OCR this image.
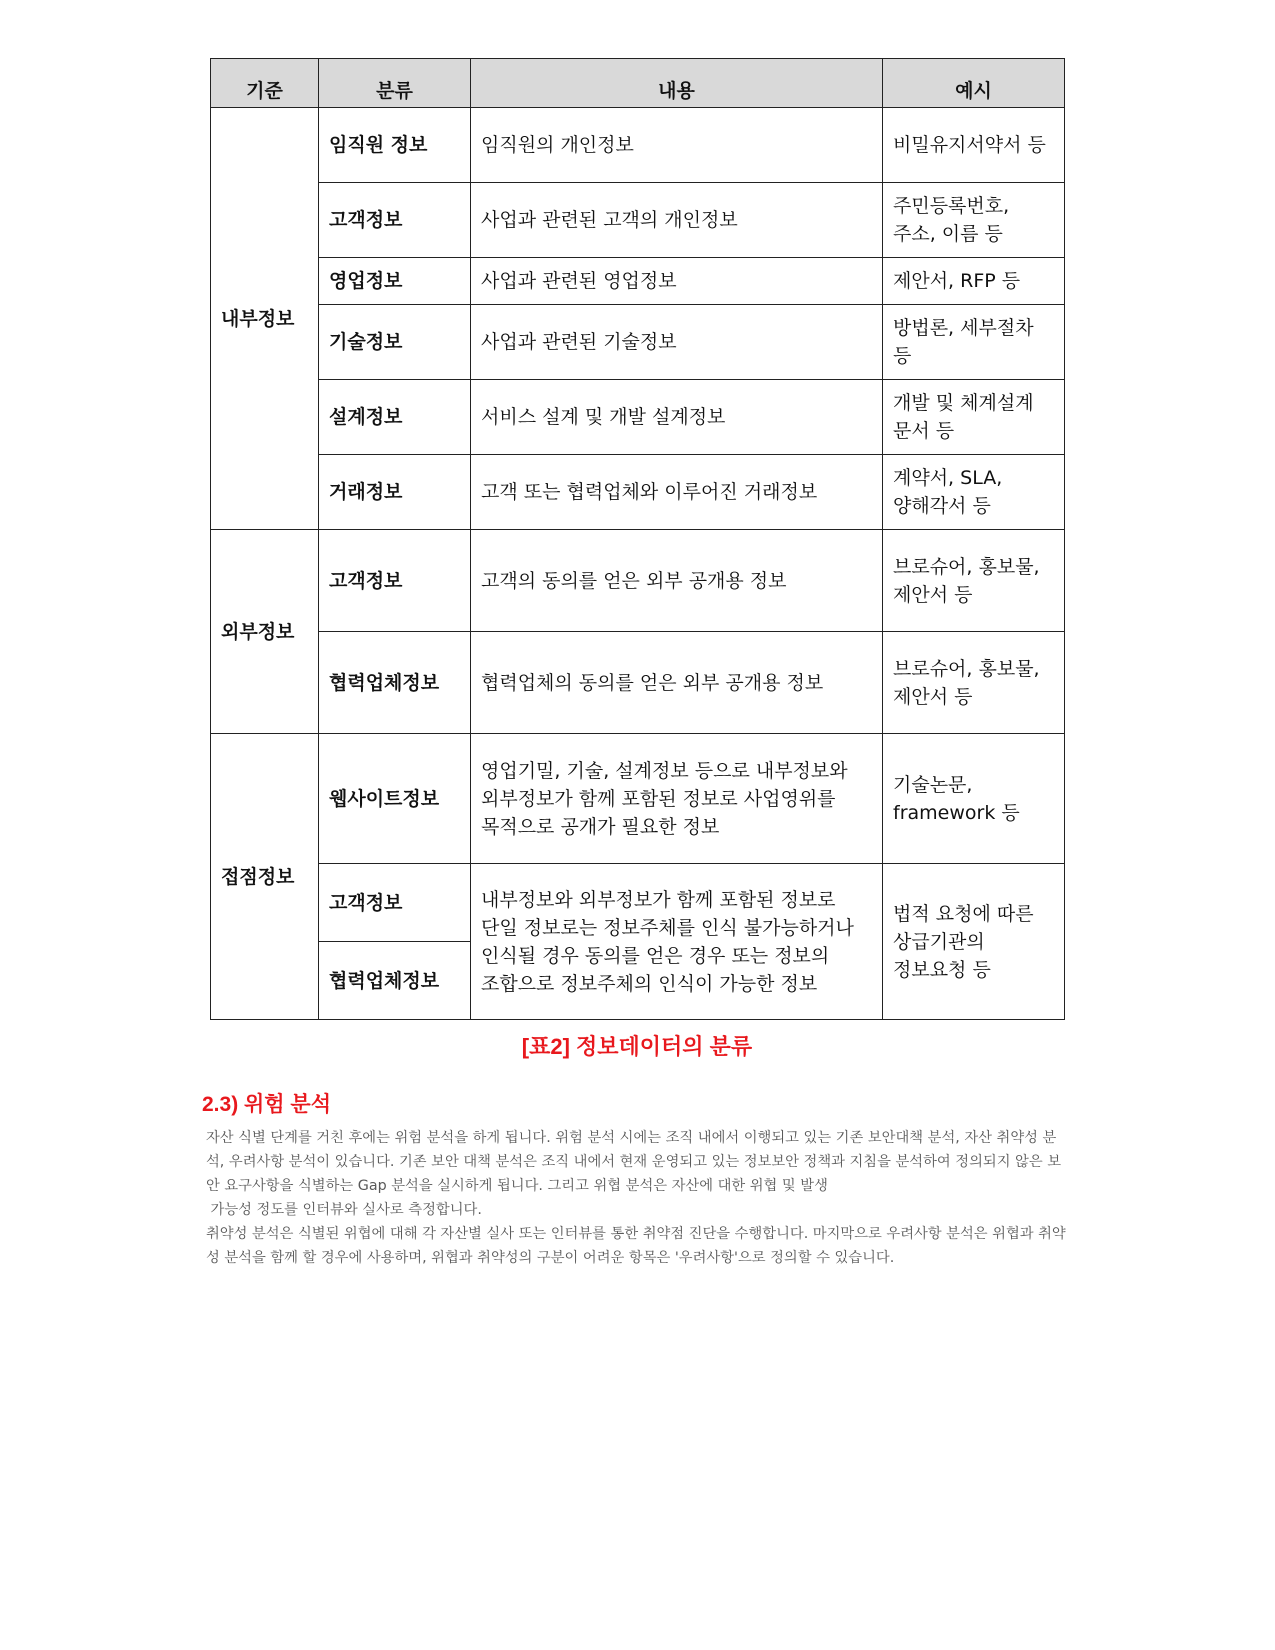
기준	분류	내용	예시
내부정보	임직원 정보	임직원의 개인정보	비밀유지서약서 등
	고객정보	사업과 관련된 고객의 개인정보	주민등록번호, 주소, 이름 등
	영업정보	사업과 관련된 영업정보	제안서, RFP 등
	기술정보	사업과 관련된 기술정보	방법론, 세부절차 등
	설계정보	서비스 설계 및 개발 설계정보	개발 및 체계설계 문서 등
	거래정보	고객 또는 협력업체와 이루어진 거래정보	계약서, SLA, 양해각서 등
외부정보	고객정보	고객의 동의를 얻은 외부 공개용 정보	브로슈어, 홍보물, 제안서 등
	협력업체정보	협력업체의 동의를 얻은 외부 공개용 정보	브로슈어, 홍보물, 제안서 등
접점정보	웹사이트정보	영업기밀, 기술, 설계정보 등으로 내부정보와 외부정보가 함께 포함된 정보로 사업영위를 목적으로 공개가 필요한 정보	기술논문, framework 등
	고객정보	내부정보와 외부정보가 함께 포함된 정보로 단일 정보로는 정보주체를 인식 불가능하거나 인식될 경우 동의를 얻은 경우 또는 정보의 조합으로 정보주체의 인식이 가능한 정보	법적 요청에 따른 상급기관의 정보요청 등
	협력업체정보		
[표2] 정보데이터의 분류
2.3) 위험 분석

자산 식별 단계를 거친 후에는 위험 분석을 하게 됩니다. 위험 분석 시에는 조직 내에서 이행되고 있는 기존 보안대책 분석, 자산 취약성 분석, 우려사항 분석이 있습니다. 기존 보안 대책 분석은 조직 내에서 현재 운영되고 있는 정보보안 정책과 지침을 분석하여 정의되지 않은 보안 요구사항을 식별하는 Gap 분석을 실시하게 됩니다. 그리고 위협 분석은 자산에 대한 위협 및 발생

가능성 정도를 인터뷰와 실사로 측정합니다.

취약성 분석은 식별된 위협에 대해 각 자산별 실사 또는 인터뷰를 통한 취약점 진단을 수행합니다. 마지막으로 우려사항 분석은 위협과 취약성 분석을 함께 할 경우에 사용하며, 위협과 취약성의 구분이 어려운 항목은 '우려사항'으로 정의할 수 있습니다.
